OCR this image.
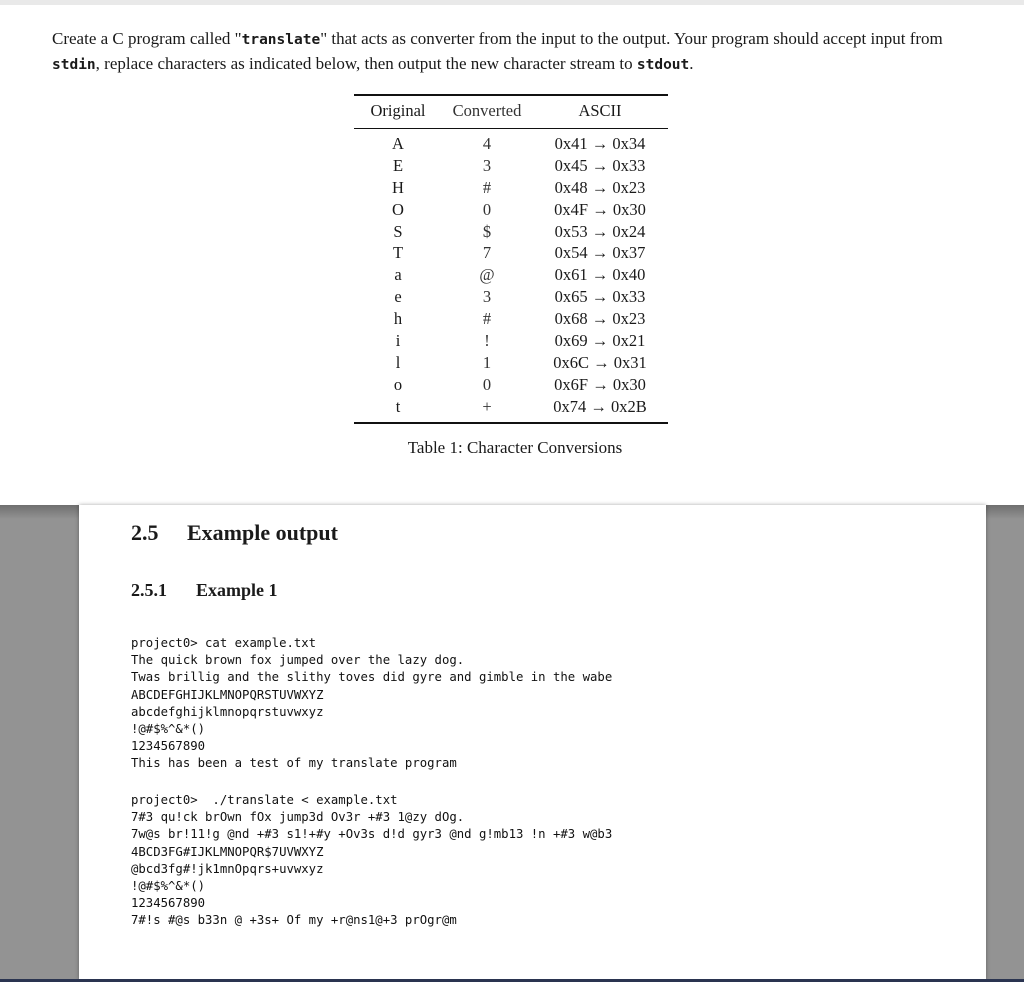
Create a C program called "translate" that acts as converter from the input to the output. Your program should accept input from stdin, replace characters as indicated below, then output the new character stream to stdout.

Original	Converted	ASCII
A	4	0x41 → 0x34
E	3	0x45 → 0x33
H	#	0x48 → 0x23
O	0	0x4F → 0x30
S	$	0x53 → 0x24
T	7	0x54 → 0x37
a	@	0x61 → 0x40
e	3	0x65 → 0x33
h	#	0x68 → 0x23
i	!	0x69 → 0x21
l	1	0x6C → 0x31
o	0	0x6F → 0x30
t	+	0x74 → 0x2B

Table 1: Character Conversions

2.5 Example output
2.5.1 Example 1
project0> cat example.txt
The quick brown fox jumped over the lazy dog.
Twas brillig and the slithy toves did gyre and gimble in the wabe
ABCDEFGHIJKLMNOPQRSTUVWXYZ
abcdefghijklmnopqrstuvwxyz
!@#$%^&*()
1234567890
This has been a test of my translate program
project0>  ./translate < example.txt
7#3 qu!ck brOwn fOx jump3d Ov3r +#3 1@zy dOg.
7w@s br!11!g @nd +#3 s1!+#y +Ov3s d!d gyr3 @nd g!mb13 !n +#3 w@b3
4BCD3FG#IJKLMNOPQR$7UVWXYZ
@bcd3fg#!jk1mnOpqrs+uvwxyz
!@#$%^&*()
1234567890
7#!s #@s b33n @ +3s+ Of my +r@ns1@+3 prOgr@m
